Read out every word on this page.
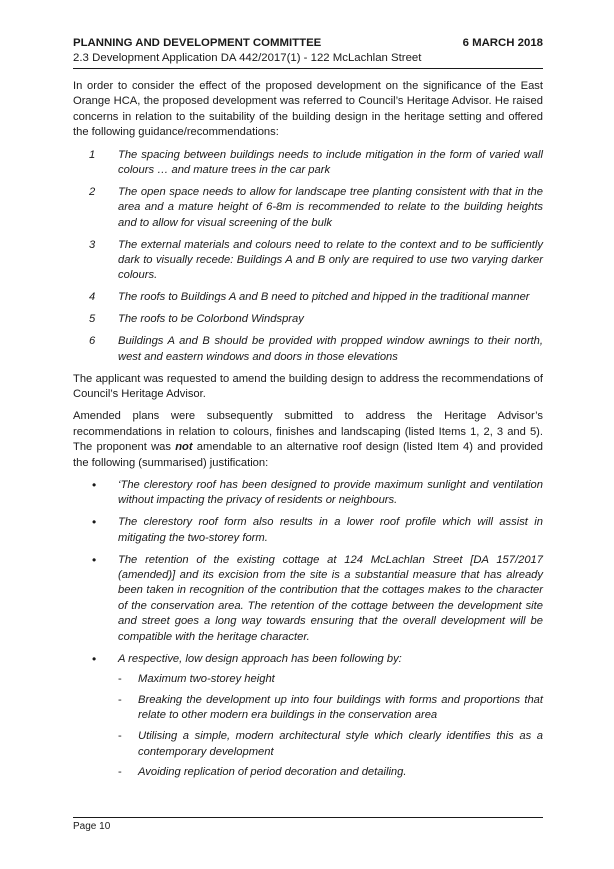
PLANNING AND DEVELOPMENT COMMITTEE	6 MARCH 2018
2.3 Development Application DA 442/2017(1) - 122 McLachlan Street

In order to consider the effect of the proposed development on the significance of the East Orange HCA, the proposed development was referred to Council’s Heritage Advisor. He raised concerns in relation to the suitability of the building design in the heritage setting and offered the following guidance/recommendations:

1	The spacing between buildings needs to include mitigation in the form of varied wall colours … and mature trees in the car park
2	The open space needs to allow for landscape tree planting consistent with that in the area and a mature height of 6-8m is recommended to relate to the building heights and to allow for visual screening of the bulk
3	The external materials and colours need to relate to the context and to be sufficiently dark to visually recede: Buildings A and B only are required to use two varying darker colours.
4	The roofs to Buildings A and B need to pitched and hipped in the traditional manner
5	The roofs to be Colorbond Windspray
6	Buildings A and B should be provided with propped window awnings to their north, west and eastern windows and doors in those elevations

The applicant was requested to amend the building design to address the recommendations of Council’s Heritage Advisor.

Amended plans were subsequently submitted to address the Heritage Advisor’s recommendations in relation to colours, finishes and landscaping (listed Items 1, 2, 3 and 5). The proponent was not amendable to an alternative roof design (listed Item 4) and provided the following (summarised) justification:

•	‘The clerestory roof has been designed to provide maximum sunlight and ventilation without impacting the privacy of residents or neighbours.
•	The clerestory roof form also results in a lower roof profile which will assist in mitigating the two-storey form.
•	The retention of the existing cottage at 124 McLachlan Street [DA 157/2017 (amended)] and its excision from the site is a substantial measure that has already been taken in recognition of the contribution that the cottages makes to the character of the conservation area. The retention of the cottage between the development site and street goes a long way towards ensuring that the overall development will be compatible with the heritage character.
•	A respective, low design approach has been following by:
-	Maximum two-storey height
-	Breaking the development up into four buildings with forms and proportions that relate to other modern era buildings in the conservation area
-	Utilising a simple, modern architectural style which clearly identifies this as a contemporary development
-	Avoiding replication of period decoration and detailing.
Page 10
